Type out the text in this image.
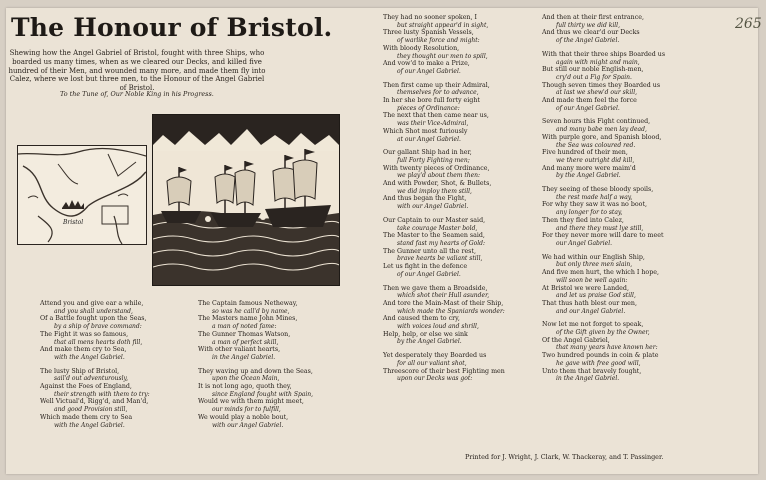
265
The Honour of Bristol.
Shewing how the Angel Gabriel of Bristol, fought with three Ships, who boarded us many times, when as we cleared our Decks, and killed five hundred of their Men, and wounded many more, and made them fly into Calez, where we lost but three men, to the Honour of the Angel Gabriel of Bristol.
To the Tune of, Our Noble King in his Progress.
Bristol
Attend you and give ear a while,
and you shall understand,
Of a Battle fought upon the Seas,
by a ship of brave command:
The Fight it was so famous,
that all mens hearts doth fill,
And make them cry to Sea,
with the Angel Gabriel.
The lusty Ship of Bristol,
sail'd out adventurously,
Against the Foes of England,
their strength with them to try:
Well Victual'd, Rigg'd, and Man'd,
and good Provision still,
Which made them cry to Sea
with the Angel Gabriel.
The Captain famous Netheway,
so was he call'd by name,
The Masters name John Mines,
a man of noted fame:
The Gunner Thomas Watson,
a man of perfect skill,
With other valiant hearts,
in the Angel Gabriel.
They waving up and down the Seas,
upon the Ocean Main,
It is not long ago, quoth they,
since England fought with Spain,
Would we with them might meet,
our minds for to fulfill,
We would play a noble bout,
with our Angel Gabriel.
They had no sooner spoken, I
but straight appear'd in sight,
Three lusty Spanish Vessels,
of warlike force and might:
With bloody Resolution,
they thought our men to spill,
And vow'd to make a Prize,
of our Angel Gabriel.
Then first came up their Admiral,
themselves for to advance,
In her she bore full forty eight
pieces of Ordinance:
The next that then came near us,
was their Vice-Admiral,
Which Shot most furiously
at our Angel Gabriel.
Our gallant Ship had in her,
full Forty Fighting men;
With twenty pieces of Ordinance,
we play'd about them then:
And with Powder, Shot, & Bullets,
we did imploy them still,
And thus began the Fight,
with our Angel Gabriel.
Our Captain to our Master said,
take courage Master bold,
The Master to the Seamen said,
stand fast my hearts of Gold:
The Gunner unto all the rest,
brave hearts be valiant still,
Let us fight in the defence
of our Angel Gabriel.
Then we gave them a Broadside,
which shot their Hull asunder,
And tore the Main-Mast of their Ship,
which made the Spaniards wonder:
And caused them to cry,
with voices loud and shrill,
Help, help, or else we sink
by the Angel Gabriel.
Yet desperately they Boarded us
for all our valiant shot,
Threescore of their best Fighting men
upon our Decks was got:
And then at their first entrance,
full thirty we did kill,
And thus we clear'd our Decks
of the Angel Gabriel.
With that their three ships Boarded us
again with might and main,
But still our noble English-men,
cry'd out a Fig for Spain.
Though seven times they Boarded us
at last we shew'd our skill,
And made them feel the force
of our Angel Gabriel.
Seven hours this Fight continued,
and many babe men lay dead,
With purple gore, and Spanish blood,
the Sea was coloured red.
Five hundred of their men,
we there outright did kill,
And many more were maim'd
by the Angel Gabriel.
They seeing of these bloody spoils,
the rest made half a way,
For why they saw it was no boot,
any longer for to stay,
Then they fled into Calez,
and there they must lye still,
For they never more will dare to meet
our Angel Gabriel.
We had within our English Ship,
but only three men slain,
And five men hurt, the which I hope,
will soon be well again:
At Bristol we were Landed,
and let us praise God still,
That thus hath blest our men,
and our Angel Gabriel.
Now let me not forget to speak,
of the Gift given by the Owner,
Of the Angel Gabriel,
that many years have known her:
Two hundred pounds in coin & plate
he gave with free good will,
Unto them that bravely fought,
in the Angel Gabriel.
Printed for J. Wright, J. Clark, W. Thackeray, and T. Passinger.
